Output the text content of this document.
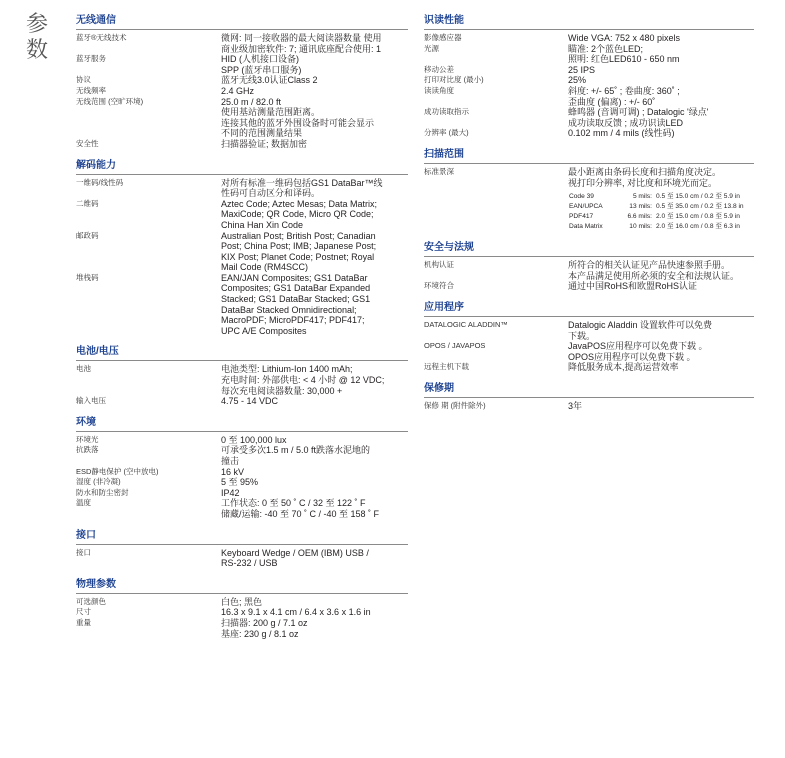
参数
无线通信
蓝牙®无线技术	微网: 同一接收器的最大阅读器数量 使用
商业级加密软件: 7; 通讯底座配合使用: 1
蓝牙服务	HID (人机接口设备)
SPP (蓝牙串口服务)
协议	蓝牙无线3.0认证Class 2
无线频率	2.4 GHz
无线范围 (空旷环境)	25.0 m / 82.0 ft
使用基站测量范围距离。
连接其他的蓝牙外围设备时可能会显示
不同的范围测量结果
安全性	扫描器验证; 数据加密
解码能力
一维码/线性码	对所有标准一维码包括GS1 DataBar™线
性码可自动区分和译码。
二维码	Aztec Code; Aztec Mesas; Data Matrix;
MaxiCode; QR Code, Micro QR Code;
China Han Xin Code
邮政码	Australian Post; British Post; Canadian
Post; China Post; IMB; Japanese Post;
KIX Post; Planet Code; Postnet; Royal
Mail Code (RM4SCC)
堆栈码	EAN/JAN Composites; GS1 DataBar
Composites; GS1 DataBar Expanded
Stacked; GS1 DataBar Stacked; GS1
DataBar Stacked Omnidirectional;
MacroPDF; MicroPDF417; PDF417;
UPC A/E Composites
电池/电压
电池	电池类型: Lithium-Ion 1400 mAh;
充电时间: 外部供电: < 4 小时 @ 12 VDC;
每次充电阅读器数量: 30,000 +
输入电压	4.75 - 14 VDC
环境
环境光	0 至 100,000 lux
抗跌落	可承受多次1.5 m / 5.0 ft跌落水泥地的
撞击
ESD静电保护 (空中放电)	16 kV
湿度 (非冷凝)	5 至 95%
防水和防尘密封	IP42
温度	工作状态: 0 至 50 ˚ C / 32 至 122 ˚ F
储藏/运输: -40 至 70 ˚ C / -40 至 158 ˚ F
接口
接口	Keyboard Wedge / OEM (IBM) USB /
RS-232 / USB
物理参数
可选颜色	白色; 黑色
尺寸	16.3 x 9.1 x 4.1 cm / 6.4 x 3.6 x 1.6 in
重量	扫描器: 200 g / 7.1 oz
基座: 230 g / 8.1 oz
识读性能
影像感应器	Wide VGA: 752 x 480 pixels
光源	瞄准: 2个蓝色LED;
照明: 红色LED610 - 650 nm
移动公差	25 IPS
打印对比度 (最小)	25%
读读角度	斜度: +/- 65˚ ; 卷曲度: 360˚ ;
歪曲度 (偏离) : +/- 60˚
成功读取指示	蜂鸣器 (音调可调) ; Datalogic '绿点'
成功读取反馈 ; 成功识读LED
分辨率 (最大)	0.102 mm / 4 mils (线性码)
扫描范围
标准景深	最小距离由条码长度和扫描角度决定。
视打印分辨率, 对比度和环境光而定。
Code 39	5 mils: 0.5 至 15.0 cm / 0.2 至 5.9 in
EAN/UPCA	13 mils: 0.5 至 35.0 cm / 0.2 至 13.8 in
PDF417	6.6 mils: 2.0 至 15.0 cm / 0.8 至 5.9 in
Data Matrix	10 mils: 2.0 至 16.0 cm / 0.8 至 6.3 in
安全与法规
机构认证	所符合的相关认证见产品快速参照手册。
本产品满足使用所必须的安全和法规认证。
环境符合	通过中国RoHS和欧盟RoHS认证
应用程序
DATALOGIC ALADDIN™	Datalogic Aladdin 设置软件可以免费
下载。
OPOS / JAVAPOS	JavaPOS应用程序可以免费下载 。
OPOS应用程序可以免费下载 。
远程主机下载	降低服务成本,提高运营效率
保修期
保修 期 (附件除外)	3年
